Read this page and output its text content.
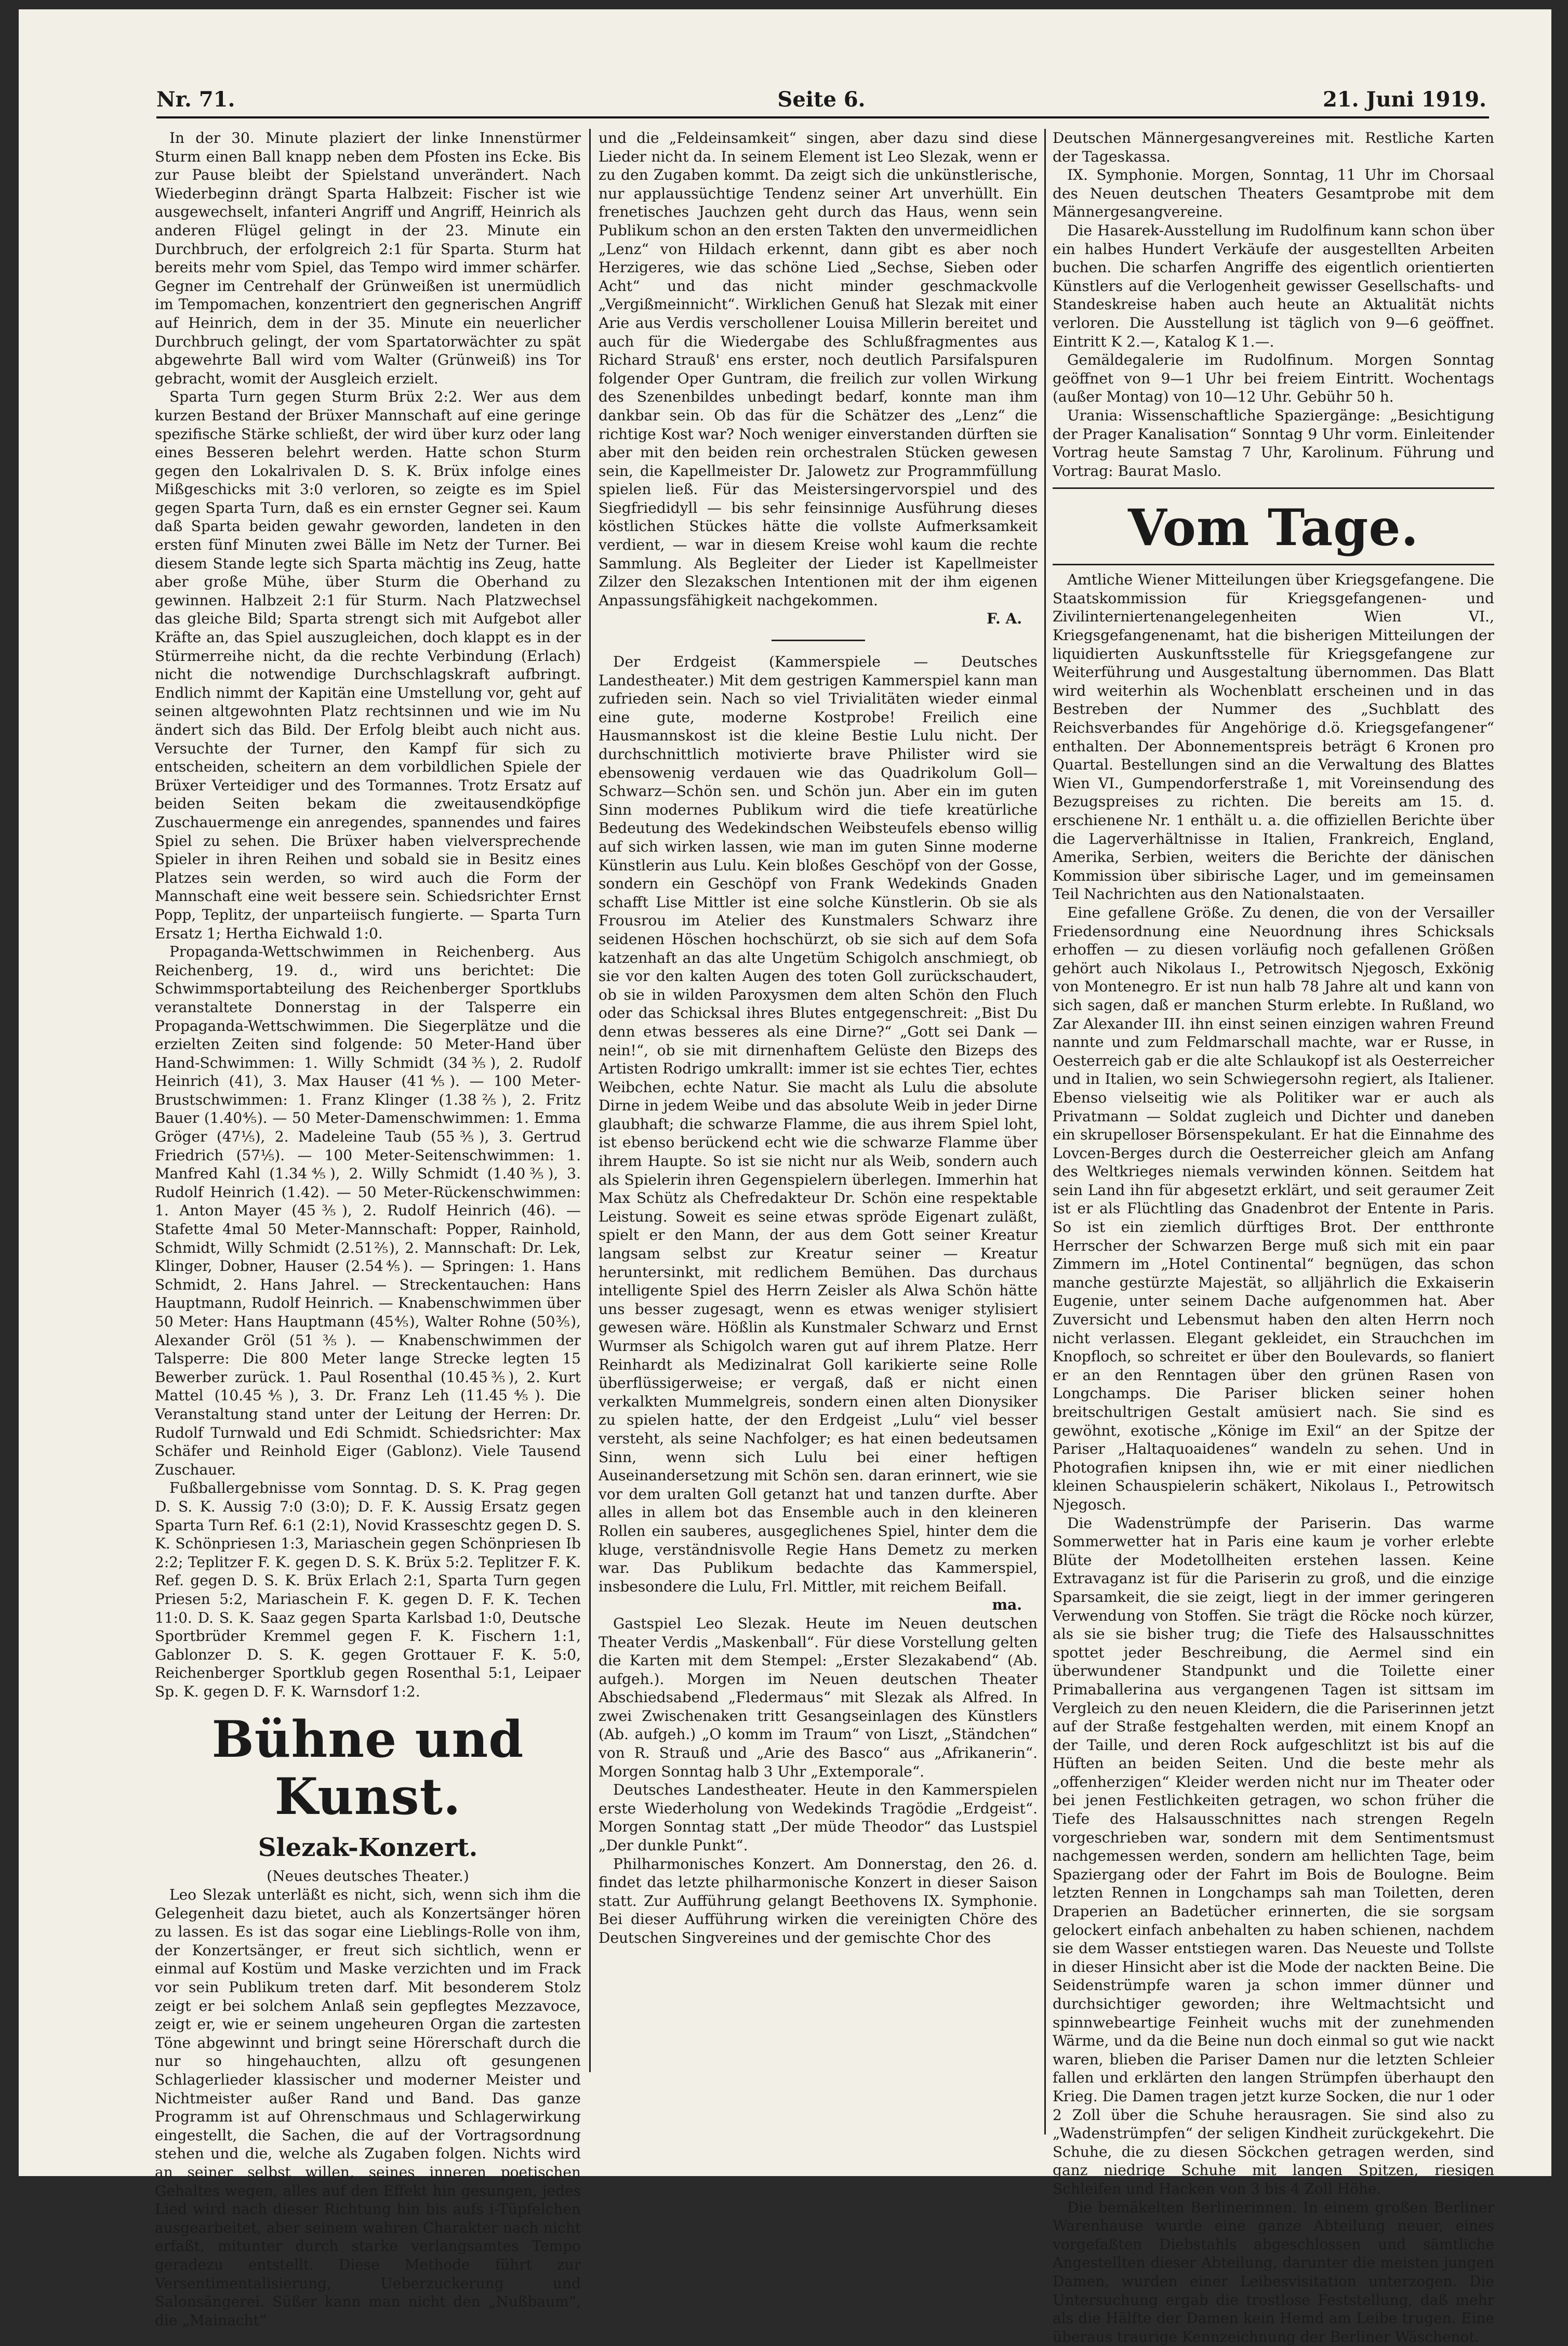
Nr. 71.	Seite 6.	21. Juni 1919.

In der 30. Minute plaziert der linke Innenstürmer Sturm einen Ball knapp neben dem Pfosten ins Ecke. Bis zur Pause bleibt der Spielstand unverändert. Nach Wiederbeginn drängt Sparta Halbzeit: Fischer ist wie ausgewechselt, infanteri Angriff und Angriff, Heinrich als anderen Flügel gelingt in der 23. Minute ein Durchbruch, der erfolgreich 2:1 für Sparta. Sturm hat bereits mehr vom Spiel, das Tempo wird immer schärfer. Gegner im Centrehalf der Grünweißen ist unermüdlich im Tempomachen, konzentriert den gegnerischen Angriff auf Heinrich, dem in der 35. Minute ein neuerlicher Durchbruch gelingt, der vom Spartatorwächter zu spät abgewehrte Ball wird vom Walter (Grünweiß) ins Tor gebracht, womit der Ausgleich erzielt.

Sparta Turn gegen Sturm Brüx 2:2. Wer aus dem kurzen Bestand der Brüxer Mannschaft auf eine geringe spezifische Stärke schließt, der wird über kurz oder lang eines Besseren belehrt werden. Hatte schon Sturm gegen den Lokalrivalen D. S. K. Brüx infolge eines Mißgeschicks mit 3:0 verloren, so zeigte es im Spiel gegen Sparta Turn, daß es ein ernster Gegner sei. Kaum daß Sparta beiden gewahr geworden, landeten in den ersten fünf Minuten zwei Bälle im Netz der Turner. Bei diesem Stande legte sich Sparta mächtig ins Zeug, hatte aber große Mühe, über Sturm die Oberhand zu gewinnen. Halbzeit 2:1 für Sturm. Nach Platzwechsel das gleiche Bild; Sparta strengt sich mit Aufgebot aller Kräfte an, das Spiel auszugleichen, doch klappt es in der Stürmerreihe nicht, da die rechte Verbindung (Erlach) nicht die notwendige Durchschlagskraft aufbringt. Endlich nimmt der Kapitän eine Umstellung vor, geht auf seinen altgewohnten Platz rechtsinnen und wie im Nu ändert sich das Bild. Der Erfolg bleibt auch nicht aus. Versuchte der Turner, den Kampf für sich zu entscheiden, scheitern an dem vorbildlichen Spiele der Brüxer Verteidiger und des Tormannes. Trotz Ersatz auf beiden Seiten bekam die zweitausendköpfige Zuschauermenge ein anregendes, spannendes und faires Spiel zu sehen. Die Brüxer haben vielversprechende Spieler in ihren Reihen und sobald sie in Besitz eines Platzes sein werden, so wird auch die Form der Mannschaft eine weit bessere sein. Schiedsrichter Ernst Popp, Teplitz, der unparteiisch fungierte. — Sparta Turn Ersatz 1; Hertha Eichwald 1:0.

Propaganda-Wettschwimmen in Reichenberg. Aus Reichenberg, 19. d., wird uns berichtet: Die Schwimmsportabteilung des Reichenberger Sportklubs veranstaltete Donnerstag in der Talsperre ein Propaganda-Wettschwimmen. Die Siegerplätze und die erzielten Zeiten sind folgende: 50 Meter-Hand über Hand-Schwimmen: 1. Willy Schmidt (34⅗), 2. Rudolf Heinrich (41), 3. Max Hauser (41⅘). — 100 Meter-Brustschwimmen: 1. Franz Klinger (1.38⅖), 2. Fritz Bauer (1.40⅘). — 50 Meter-Damenschwimmen: 1. Emma Gröger (47⅕), 2. Madeleine Taub (55⅗), 3. Gertrud Friedrich (57⅕). — 100 Meter-Seitenschwimmen: 1. Manfred Kahl (1.34⅘), 2. Willy Schmidt (1.40⅗), 3. Rudolf Heinrich (1.42). — 50 Meter-Rückenschwimmen: 1. Anton Mayer (45⅗), 2. Rudolf Heinrich (46). — Stafette 4mal 50 Meter-Mannschaft: Popper, Rainhold, Schmidt, Willy Schmidt (2.51⅖), 2. Mannschaft: Dr. Lek, Klinger, Dobner, Hauser (2.54⅘). — Springen: 1. Hans Schmidt, 2. Hans Jahrel. — Streckentauchen: Hans Hauptmann, Rudolf Heinrich. — Knabenschwimmen über 50 Meter: Hans Hauptmann (45⅘), Walter Rohne (50⅗), Alexander Gröl (51⅗). — Knabenschwimmen der Talsperre: Die 800 Meter lange Strecke legten 15 Bewerber zurück. 1. Paul Rosenthal (10.45⅗), 2. Kurt Mattel (10.45⅘), 3. Dr. Franz Leh (11.45⅘). Die Veranstaltung stand unter der Leitung der Herren: Dr. Rudolf Turnwald und Edi Schmidt. Schiedsrichter: Max Schäfer und Reinhold Eiger (Gablonz). Viele Tausend Zuschauer.

Fußballergebnisse vom Sonntag. D. S. K. Prag gegen D. S. K. Aussig 7:0 (3:0); D. F. K. Aussig Ersatz gegen Sparta Turn Ref. 6:1 (2:1), Novid Krasseschtz gegen D. S. K. Schönpriesen 1:3, Mariaschein gegen Schönpriesen Ib 2:2; Teplitzer F. K. gegen D. S. K. Brüx 5:2. Teplitzer F. K. Ref. gegen D. S. K. Brüx Erlach 2:1, Sparta Turn gegen Priesen 5:2, Mariaschein F. K. gegen D. F. K. Techen 11:0. D. S. K. Saaz gegen Sparta Karlsbad 1:0, Deutsche Sportbrüder Kremmel gegen F. K. Fischern 1:1, Gablonzer D. S. K. gegen Grottauer F. K. 5:0, Reichenberger Sportklub gegen Rosenthal 5:1, Leipaer Sp. K. gegen D. F. K. Warnsdorf 1:2.

Bühne und Kunst.
Slezak-Konzert.

(Neues deutsches Theater.)

Leo Slezak unterläßt es nicht, sich, wenn sich ihm die Gelegenheit dazu bietet, auch als Konzertsänger hören zu lassen. Es ist das sogar eine Lieblings-Rolle von ihm, der Konzertsänger, er freut sich sichtlich, wenn er einmal auf Kostüm und Maske verzichten und im Frack vor sein Publikum treten darf. Mit besonderem Stolz zeigt er bei solchem Anlaß sein gepflegtes Mezzavoce, zeigt er, wie er seinem ungeheuren Organ die zartesten Töne abgewinnt und bringt seine Hörerschaft durch die nur so hingehauchten, allzu oft gesungenen Schlagerlieder klassischer und moderner Meister und Nichtmeister außer Rand und Band. Das ganze Programm ist auf Ohrenschmaus und Schlagerwirkung eingestellt, die Sachen, die auf der Vortragsordnung stehen und die, welche als Zugaben folgen. Nichts wird an seiner selbst willen, seines inneren poetischen Gehaltes wegen, alles auf den Effekt hin gesungen, jedes Lied wird nach dieser Richtung hin bis aufs i-Tüpfelchen ausgearbeitet, aber seinem wahren Charakter nach nicht erfaßt, mitunter durch starke verlangsamtes Tempo geradezu entstellt. Diese Methode führt zur Versentimentalisierung, Ueberzuckerung und Salonsängerei. Süßer kann man nicht den „Nußbaum“, die „Mainacht“

und die „Feldeinsamkeit“ singen, aber dazu sind diese Lieder nicht da. In seinem Element ist Leo Slezak, wenn er zu den Zugaben kommt. Da zeigt sich die unkünstlerische, nur applaussüchtige Tendenz seiner Art unverhüllt. Ein frenetisches Jauchzen geht durch das Haus, wenn sein Publikum schon an den ersten Takten den unvermeidlichen „Lenz“ von Hildach erkennt, dann gibt es aber noch Herzigeres, wie das schöne Lied „Sechse, Sieben oder Acht“ und das nicht minder geschmackvolle „Vergißmeinnicht“. Wirklichen Genuß hat Slezak mit einer Arie aus Verdis verschollener Louisa Millerin bereitet und auch für die Wiedergabe des Schlußfragmentes aus Richard Strauß' ens erster, noch deutlich Parsifalspuren folgender Oper Guntram, die freilich zur vollen Wirkung des Szenenbildes unbedingt bedarf, konnte man ihm dankbar sein. Ob das für die Schätzer des „Lenz“ die richtige Kost war? Noch weniger einverstanden dürften sie aber mit den beiden rein orchestralen Stücken gewesen sein, die Kapellmeister Dr. Jalowetz zur Programmfüllung spielen ließ. Für das Meistersingervorspiel und des Siegfriedidyll — bis sehr feinsinnige Ausführung dieses köstlichen Stückes hätte die vollste Aufmerksamkeit verdient, — war in diesem Kreise wohl kaum die rechte Sammlung. Als Begleiter der Lieder ist Kapellmeister Zilzer den Slezakschen Intentionen mit der ihm eigenen Anpassungsfähigkeit nachgekommen.

F. A.

Der Erdgeist (Kammerspiele — Deutsches Landestheater.) Mit dem gestrigen Kammerspiel kann man zufrieden sein. Nach so viel Trivialitäten wieder einmal eine gute, moderne Kostprobe! Freilich eine Hausmannskost ist die kleine Bestie Lulu nicht. Der durchschnittlich motivierte brave Philister wird sie ebensowenig verdauen wie das Quadrikolum Goll—Schwarz—Schön sen. und Schön jun. Aber ein im guten Sinn modernes Publikum wird die tiefe kreatürliche Bedeutung des Wedekindschen Weibsteufels ebenso willig auf sich wirken lassen, wie man im guten Sinne moderne Künstlerin aus Lulu. Kein bloßes Geschöpf von der Gosse, sondern ein Geschöpf von Frank Wedekinds Gnaden schafft Lise Mittler ist eine solche Künstlerin. Ob sie als Frousrou im Atelier des Kunstmalers Schwarz ihre seidenen Höschen hochschürzt, ob sie sich auf dem Sofa katzenhaft an das alte Ungetüm Schigolch anschmiegt, ob sie vor den kalten Augen des toten Goll zurückschaudert, ob sie in wilden Paroxysmen dem alten Schön den Fluch oder das Schicksal ihres Blutes entgegenschreit: „Bist Du denn etwas besseres als eine Dirne?“ „Gott sei Dank — nein!“, ob sie mit dirnenhaftem Gelüste den Bizeps des Artisten Rodrigo umkrallt: immer ist sie echtes Tier, echtes Weibchen, echte Natur. Sie macht als Lulu die absolute Dirne in jedem Weibe und das absolute Weib in jeder Dirne glaubhaft; die schwarze Flamme, die aus ihrem Spiel loht, ist ebenso berückend echt wie die schwarze Flamme über ihrem Haupte. So ist sie nicht nur als Weib, sondern auch als Spielerin ihren Gegenspielern überlegen. Immerhin hat Max Schütz als Chefredakteur Dr. Schön eine respektable Leistung. Soweit es seine etwas spröde Eigenart zuläßt, spielt er den Mann, der aus dem Gott seiner Kreatur langsam selbst zur Kreatur seiner — Kreatur heruntersinkt, mit redlichem Bemühen. Das durchaus intelligente Spiel des Herrn Zeisler als Alwa Schön hätte uns besser zugesagt, wenn es etwas weniger stylisiert gewesen wäre. Hößlin als Kunstmaler Schwarz und Ernst Wurmser als Schigolch waren gut auf ihrem Platze. Herr Reinhardt als Medizinalrat Goll karikierte seine Rolle überflüssigerweise; er vergaß, daß er nicht einen verkalkten Mummelgreis, sondern einen alten Dionysiker zu spielen hatte, der den Erdgeist „Lulu“ viel besser versteht, als seine Nachfolger; es hat einen bedeutsamen Sinn, wenn sich Lulu bei einer heftigen Auseinandersetzung mit Schön sen. daran erinnert, wie sie vor dem uralten Goll getanzt hat und tanzen durfte. Aber alles in allem bot das Ensemble auch in den kleineren Rollen ein sauberes, ausgeglichenes Spiel, hinter dem die kluge, verständnisvolle Regie Hans Demetz zu merken war. Das Publikum bedachte das Kammerspiel, insbesondere die Lulu, Frl. Mittler, mit reichem Beifall.

ma.

Gastspiel Leo Slezak. Heute im Neuen deutschen Theater Verdis „Maskenball“. Für diese Vorstellung gelten die Karten mit dem Stempel: „Erster Slezakabend“ (Ab. aufgeh.). Morgen im Neuen deutschen Theater Abschiedsabend „Fledermaus“ mit Slezak als Alfred. In zwei Zwischenaken tritt Gesangseinlagen des Künstlers (Ab. aufgeh.) „O komm im Traum“ von Liszt, „Ständchen“ von R. Strauß und „Arie des Basco“ aus „Afrikanerin“. Morgen Sonntag halb 3 Uhr „Extemporale“.

Deutsches Landestheater. Heute in den Kammerspielen erste Wiederholung von Wedekinds Tragödie „Erdgeist“. Morgen Sonntag statt „Der müde Theodor“ das Lustspiel „Der dunkle Punkt“.

Philharmonisches Konzert. Am Donnerstag, den 26. d. findet das letzte philharmonische Konzert in dieser Saison statt. Zur Aufführung gelangt Beethovens IX. Symphonie. Bei dieser Aufführung wirken die vereinigten Chöre des Deutschen Singvereines und der gemischte Chor des

Deutschen Männergesangvereines mit. Restliche Karten der Tageskassa.

IX. Symphonie. Morgen, Sonntag, 11 Uhr im Chorsaal des Neuen deutschen Theaters Gesamtprobe mit dem Männergesangvereine.

Die Hasarek-Ausstellung im Rudolfinum kann schon über ein halbes Hundert Verkäufe der ausgestellten Arbeiten buchen. Die scharfen Angriffe des eigentlich orientierten Künstlers auf die Verlogenheit gewisser Gesellschafts- und Standeskreise haben auch heute an Aktualität nichts verloren. Die Ausstellung ist täglich von 9—6 geöffnet. Eintritt K 2.—, Katalog K 1.—.

Gemäldegalerie im Rudolfinum. Morgen Sonntag geöffnet von 9—1 Uhr bei freiem Eintritt. Wochentags (außer Montag) von 10—12 Uhr. Gebühr 50 h.

Urania: Wissenschaftliche Spaziergänge: „Besichtigung der Prager Kanalisation“ Sonntag 9 Uhr vorm. Einleitender Vortrag heute Samstag 7 Uhr, Karolinum. Führung und Vortrag: Baurat Maslo.

Vom Tage.

Amtliche Wiener Mitteilungen über Kriegsgefangene. Die Staatskommission für Kriegsgefangenen- und Zivilinterniertenangelegenheiten Wien VI., Kriegsgefangenenamt, hat die bisherigen Mitteilungen der liquidierten Auskunftsstelle für Kriegsgefangene zur Weiterführung und Ausgestaltung übernommen. Das Blatt wird weiterhin als Wochenblatt erscheinen und in das Bestreben der Nummer des „Suchblatt des Reichsverbandes für Angehörige d.ö. Kriegsgefangener“ enthalten. Der Abonnementspreis beträgt 6 Kronen pro Quartal. Bestellungen sind an die Verwaltung des Blattes Wien VI., Gumpendorferstraße 1, mit Voreinsendung des Bezugspreises zu richten. Die bereits am 15. d. erschienene Nr. 1 enthält u. a. die offiziellen Berichte über die Lagerverhältnisse in Italien, Frankreich, England, Amerika, Serbien, weiters die Berichte der dänischen Kommission über sibirische Lager, und im gemeinsamen Teil Nachrichten aus den Nationalstaaten.

Eine gefallene Größe. Zu denen, die von der Versailler Friedensordnung eine Neuordnung ihres Schicksals erhoffen — zu diesen vorläufig noch gefallenen Größen gehört auch Nikolaus I., Petrowitsch Njegosch, Exkönig von Montenegro. Er ist nun halb 78 Jahre alt und kann von sich sagen, daß er manchen Sturm erlebte. In Rußland, wo Zar Alexander III. ihn einst seinen einzigen wahren Freund nannte und zum Feldmarschall machte, war er Russe, in Oesterreich gab er die alte Schlaukopf ist als Oesterreicher und in Italien, wo sein Schwiegersohn regiert, als Italiener. Ebenso vielseitig wie als Politiker war er auch als Privatmann — Soldat zugleich und Dichter und daneben ein skrupelloser Börsenspekulant. Er hat die Einnahme des Lovcen-Berges durch die Oesterreicher gleich am Anfang des Weltkrieges niemals verwinden können. Seitdem hat sein Land ihn für abgesetzt erklärt, und seit geraumer Zeit ist er als Flüchtling das Gnadenbrot der Entente in Paris. So ist ein ziemlich dürftiges Brot. Der entthronte Herrscher der Schwarzen Berge muß sich mit ein paar Zimmern im „Hotel Continental“ begnügen, das schon manche gestürzte Majestät, so alljährlich die Exkaiserin Eugenie, unter seinem Dache aufgenommen hat. Aber Zuversicht und Lebensmut haben den alten Herrn noch nicht verlassen. Elegant gekleidet, ein Strauchchen im Knopfloch, so schreitet er über den Boulevards, so flaniert er an den Renntagen über den grünen Rasen von Longchamps. Die Pariser blicken seiner hohen breitschultrigen Gestalt amüsiert nach. Sie sind es gewöhnt, exotische „Könige im Exil“ an der Spitze der Pariser „Haltaquoaidenes“ wandeln zu sehen. Und in Photografien knipsen ihn, wie er mit einer niedlichen kleinen Schauspielerin schäkert, Nikolaus I., Petrowitsch Njegosch.

Die Wadenstrümpfe der Pariserin. Das warme Sommerwetter hat in Paris eine kaum je vorher erlebte Blüte der Modetollheiten erstehen lassen. Keine Extravaganz ist für die Pariserin zu groß, und die einzige Sparsamkeit, die sie zeigt, liegt in der immer geringeren Verwendung von Stoffen. Sie trägt die Röcke noch kürzer, als sie sie bisher trug; die Tiefe des Halsausschnittes spottet jeder Beschreibung, die Aermel sind ein überwundener Standpunkt und die Toilette einer Primaballerina aus vergangenen Tagen ist sittsam im Vergleich zu den neuen Kleidern, die die Pariserinnen jetzt auf der Straße festgehalten werden, mit einem Knopf an der Taille, und deren Rock aufgeschlitzt ist bis auf die Hüften an beiden Seiten. Und die beste mehr als „offenherzigen“ Kleider werden nicht nur im Theater oder bei jenen Festlichkeiten getragen, wo schon früher die Tiefe des Halsausschnittes nach strengen Regeln vorgeschrieben war, sondern mit dem Sentimentsmust nachgemessen werden, sondern am hellichten Tage, beim Spaziergang oder der Fahrt im Bois de Boulogne. Beim letzten Rennen in Longchamps sah man Toiletten, deren Draperien an Badetücher erinnerten, die sie sorgsam gelockert einfach anbehalten zu haben schienen, nachdem sie dem Wasser entstiegen waren. Das Neueste und Tollste in dieser Hinsicht aber ist die Mode der nackten Beine. Die Seidenstrümpfe waren ja schon immer dünner und durchsichtiger geworden; ihre Weltmachtsicht und spinnwebeartige Feinheit wuchs mit der zunehmenden Wärme, und da die Beine nun doch einmal so gut wie nackt waren, blieben die Pariser Damen nur die letzten Schleier fallen und erklärten den langen Strümpfen überhaupt den Krieg. Die Damen tragen jetzt kurze Socken, die nur 1 oder 2 Zoll über die Schuhe herausragen. Sie sind also zu „Wadenstrümpfen“ der seligen Kindheit zurückgekehrt. Die Schuhe, die zu diesen Söckchen getragen werden, sind ganz niedrige Schuhe mit langen Spitzen, riesigen Schleifen und Hacken von 3 bis 4 Zoll Höhe.

Die bemäkelten Berlinerinnen. In einem großen Berliner Warenhause wurde eine ganze Abteilung neuer, eines vorgefaßten Diebstahls abgeschlossen und sämtliche Angestellten dieser Abteilung, darunter die meisten jungen Damen, wurden einer Leibesvisitation unterzogen. Die Untersuchung ergab die trostlose Feststellung, daß mehr als die Hälfte der Damen kein Hemd am Leibe trugen. Eine überaus traurige Kennzeichnung der Berliner Wäschenot.
